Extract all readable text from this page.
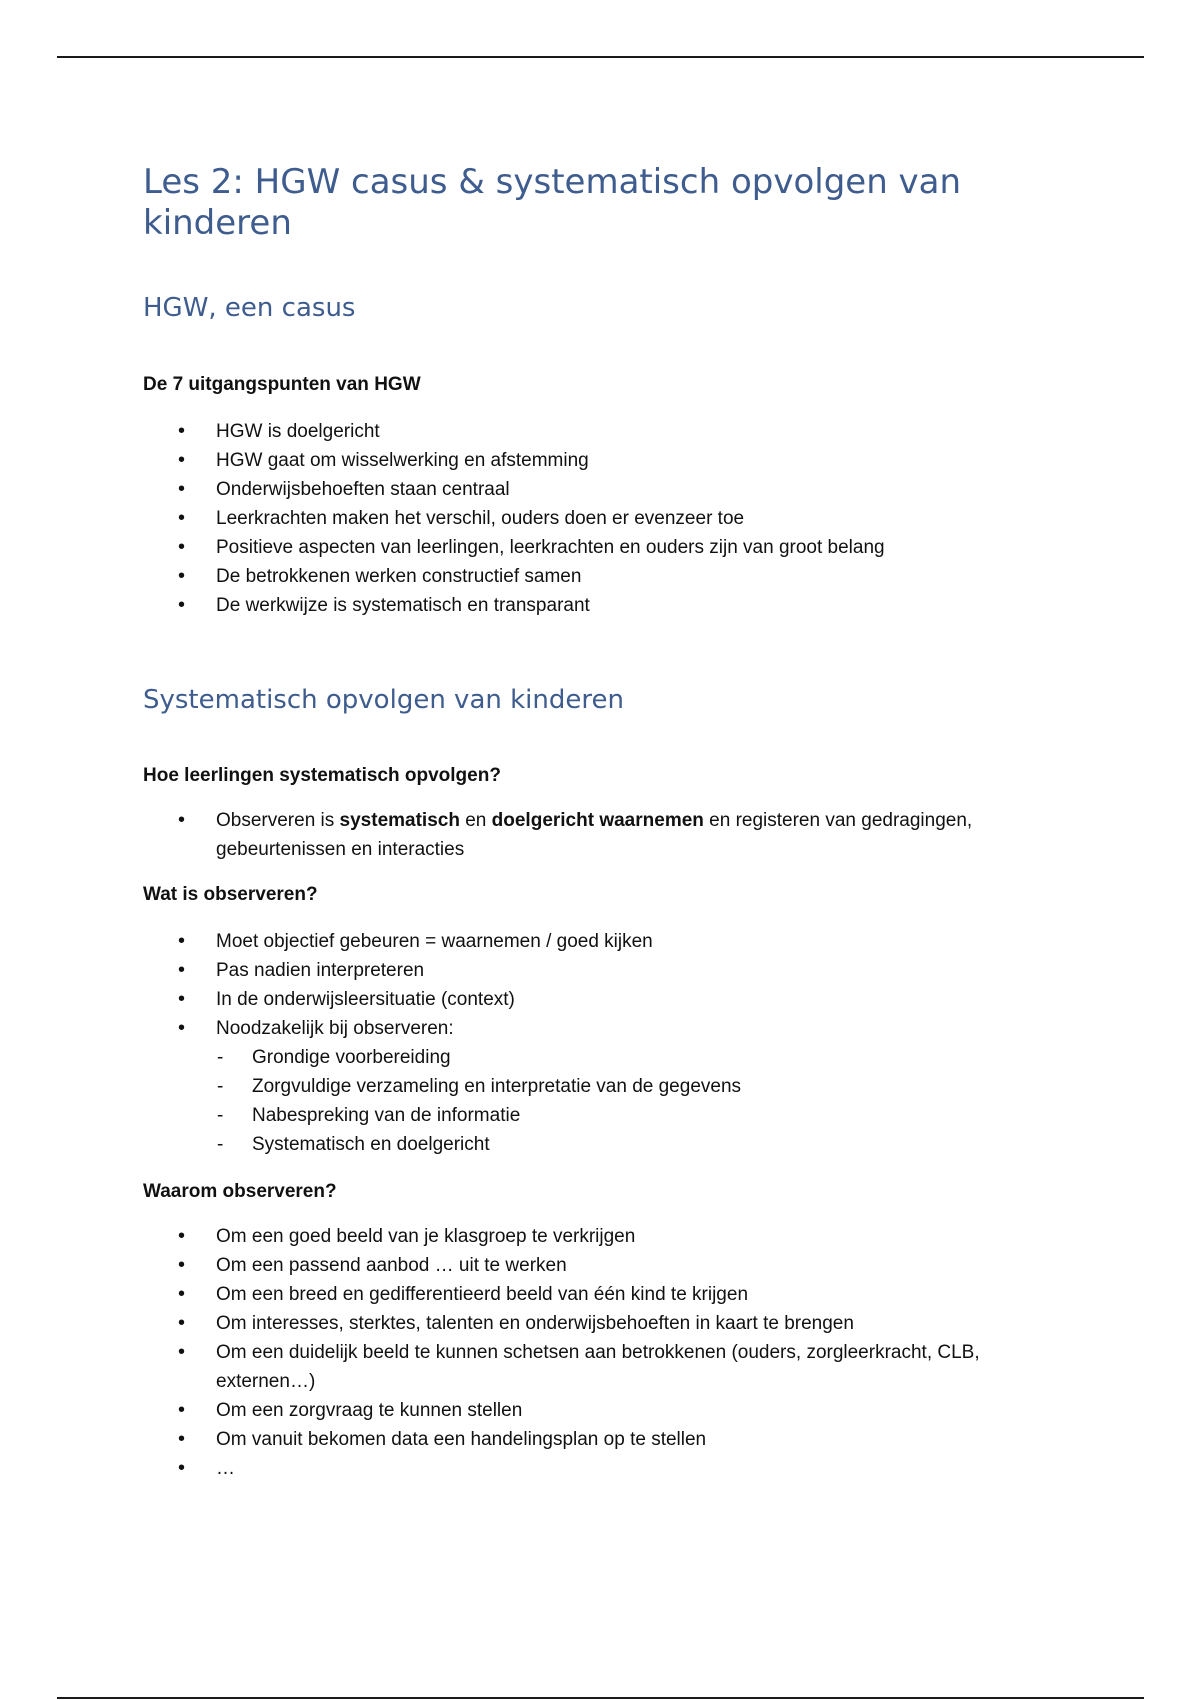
Les 2: HGW casus & systematisch opvolgen van kinderen
HGW, een casus

De 7 uitgangspunten van HGW

• HGW is doelgericht
• HGW gaat om wisselwerking en afstemming
• Onderwijsbehoeften staan centraal
• Leerkrachten maken het verschil, ouders doen er evenzeer toe
• Positieve aspecten van leerlingen, leerkrachten en ouders zijn van groot belang
• De betrokkenen werken constructief samen
• De werkwijze is systematisch en transparant
Systematisch opvolgen van kinderen

Hoe leerlingen systematisch opvolgen?

• Observeren is systematisch en doelgericht waarnemen en registeren van gedragingen, gebeurtenissen en interacties

Wat is observeren?

• Moet objectief gebeuren = waarnemen / goed kijken
• Pas nadien interpreteren
• In de onderwijsleersituatie (context)
• Noodzakelijk bij observeren:
- Grondige voorbereiding
- Zorgvuldige verzameling en interpretatie van de gegevens
- Nabespreking van de informatie
- Systematisch en doelgericht

Waarom observeren?

• Om een goed beeld van je klasgroep te verkrijgen
• Om een passend aanbod … uit te werken
• Om een breed en gedifferentieerd beeld van één kind te krijgen
• Om interesses, sterktes, talenten en onderwijsbehoeften in kaart te brengen
• Om een duidelijk beeld te kunnen schetsen aan betrokkenen (ouders, zorgleerkracht, CLB, externen…)
• Om een zorgvraag te kunnen stellen
• Om vanuit bekomen data een handelingsplan op te stellen
• …
